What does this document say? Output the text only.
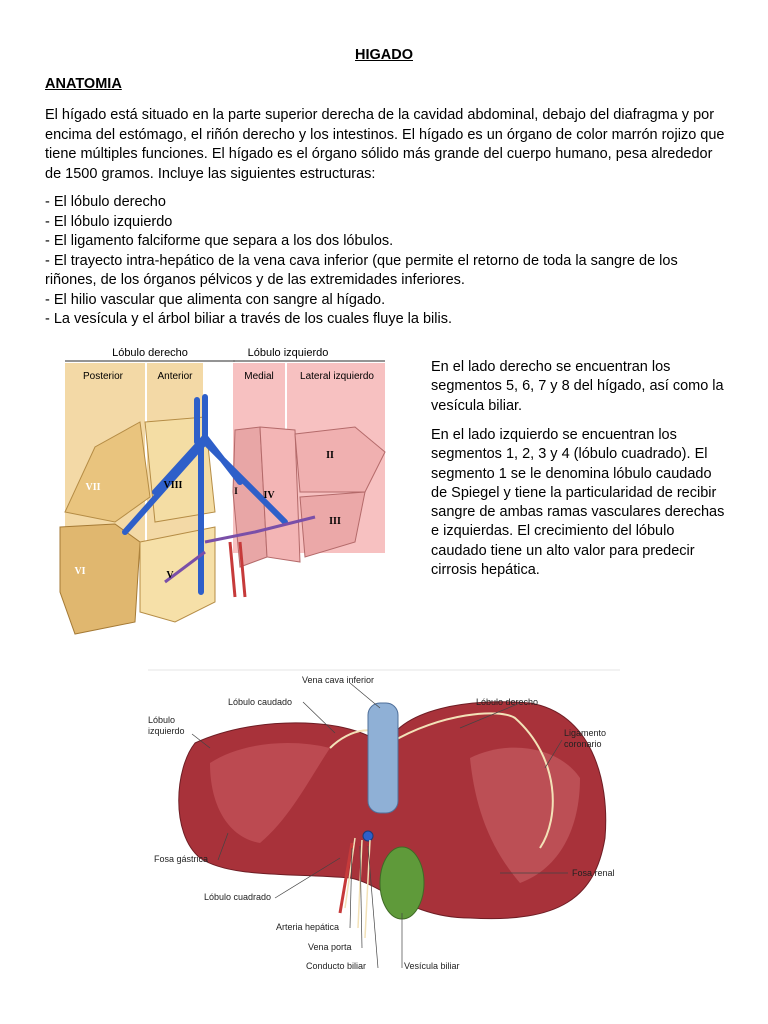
HIGADO
ANATOMIA
El hígado está situado en la parte superior derecha de la cavidad abdominal, debajo del diafragma y por encima del estómago, el riñón derecho y los intestinos. El hígado es un órgano de color marrón rojizo que tiene múltiples funciones. El hígado es el órgano sólido más grande del cuerpo humano, pesa alrededor de 1500 gramos. Incluye las siguientes estructuras:
- El lóbulo derecho
- El lóbulo izquierdo
- El ligamento falciforme que separa a los dos lóbulos.
- El trayecto intra-hepático de la vena cava inferior (que permite el retorno de toda la sangre de los riñones, de los órganos pélvicos y de las extremidades inferiores.
- El hilio vascular que alimenta con sangre al hígado.
- La vesícula y el árbol biliar a través de los cuales fluye la bilis.
En el lado derecho se encuentran los segmentos 5, 6, 7 y 8 del hígado, así como la vesícula biliar.
En el lado izquierdo se encuentran los segmentos 1, 2, 3 y 4 (lóbulo cuadrado). El segmento 1 se le denomina lóbulo caudado de Spiegel y tiene la particularidad de recibir sangre de ambas ramas vasculares derechas e izquierdas. El crecimiento del lóbulo caudado tiene un alto valor para predecir cirrosis hepática.
Lóbulo derecho	Lóbulo izquierdo
Posterior	Anterior	Medial	Lateral izquierdo
VII	VIII
VI	V
I	IV
II
III
Vena cava inferior
Lóbulo caudado	Lóbulo derecho
Lóbulo
izquierdo	Ligamento
coronario
Fosa gástrica
Fosa renal
Lóbulo cuadrado
Arteria hepática
Vena porta
Conducto biliar	Vesícula biliar
